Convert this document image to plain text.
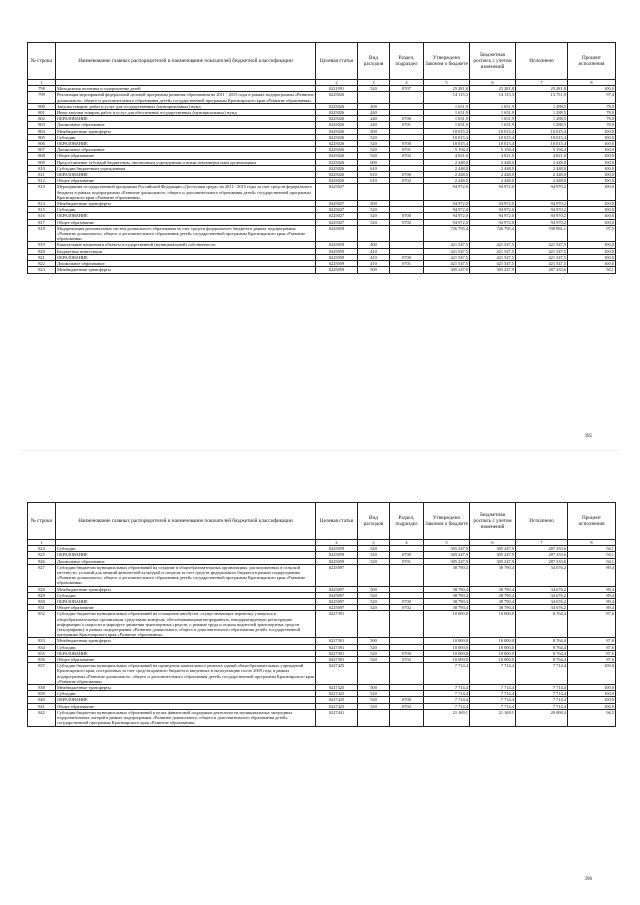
№ строки	Наименование главных распорядителей и наименование показателей бюджетной классификации	Целевая статья	Вид расходов	Раздел, подраздел	Утверждено Законом о бюджете	Бюджетная роспись с учетом изменений	Исполнено	Процент исполнения
1		2	3	4	5	6	7	8
798	Молодежная политика и оздоровление детей	0221991	520	0707	25 281,8	25 281,8	25 281,8	100,0
799	Реализация мероприятий федеральной целевой программы развития образования на 2011 - 2015 годы в рамках подпрограммы «Развитие дошкольного, общего и дополнительного образования детей» государственной программы Красноярского края «Развитие образования»	0225026			14 115,3	14 115,3	13 751,9	97,4
800	Закупка товаров, работ и услуг для государственных (муниципальных) нужд	0225026	200		1 651,9	1 651,9	1 288,5	78,0
801	Иные закупки товаров, работ и услуг для обеспечения государственных (муниципальных) нужд	0225026	240		1 651,9	1 651,9	1 288,5	78,0
802	ОБРАЗОВАНИЕ	0225026	240	0700	1 651,9	1 651,9	1 288,5	78,0
803	Дошкольное образование	0225026	240	0701	1 651,9	1 651,9	1 288,5	78,0
804	Межбюджетные трансферты	0225026	500		10 015,4	10 015,4	10 015,4	100,0
805	Субсидии	0225026	520		10 015,4	10 015,4	10 015,4	100,0
806	ОБРАЗОВАНИЕ	0225026	520	0700	10 015,4	10 015,4	10 015,4	100,0
807	Дошкольное образование	0225026	520	0701	5 194,4	5 194,4	5 194,4	100,0
808	Общее образование	0225026	520	0702	4 821,0	4 821,0	4 821,0	100,0
809	Предоставление субсидий бюджетным, автономным учреждениям и иным некоммерческим организациям	0225026	600		2 448,0	2 448,0	2 448,0	100,0
810	Субсидии бюджетным учреждениям	0225026	610		2 448,0	2 448,0	2 448,0	100,0
811	ОБРАЗОВАНИЕ	0225026	610	0700	2 448,0	2 448,0	2 448,0	100,0
812	Общее образование	0225026	610	0702	2 448,0	2 448,0	2 448,0	100,0
813	Мероприятия государственной программы Российской Федерации «Доступная среда» на 2011 - 2015 годы за счет средств федерального бюджета в рамках подпрограммы «Развитие дошкольного, общего и дополнительного образования детей» государственной программы Красноярского края «Развитие образования»	0225027			94 972,0	94 972,0	94 970,2	100,0
814	Межбюджетные трансферты	0225027	500		94 972,0	94 972,0	94 970,2	100,0
815	Субсидии	0225027	520		94 972,0	94 972,0	94 970,2	100,0
816	ОБРАЗОВАНИЕ	0225027	520	0700	94 972,0	94 972,0	94 970,2	100,0
817	Общее образование	0225027	520	0702	94 972,0	94 972,0	94 970,2	100,0
818	Модернизация региональных систем дошкольного образования за счет средств федерального бюджета в рамках подпрограммы «Развитие дошкольного, общего и дополнительного образования детей» государственной программы Красноярского края «Развитие образования»	0225059			726 795,4	726 795,4	708 881,1	97,5
819	Капитальные вложения в объекты государственной (муниципальной) собственности	0225059	400		421 547,5	421 547,5	421 547,5	100,0
820	Бюджетные инвестиции	0225059	410		421 547,5	421 547,5	421 547,5	100,0
821	ОБРАЗОВАНИЕ	0225059	410	0700	421 547,5	421 547,5	421 547,5	100,0
822	Дошкольное образование	0225059	410	0701	421 547,5	421 547,5	421 547,5	100,0
823	Межбюджетные трансферты	0225059	500		305 247,9	305 247,9	287 333,6	94,1
395
№ строки	Наименование главных распорядителей и наименование показателей бюджетной классификации	Целевая статья	Вид расходов	Раздел, подраздел	Утверждено Законом о бюджете	Бюджетная роспись с учетом изменений	Исполнено	Процент исполнения
1		2	3	4	5	6	7	8
824	Субсидии	0225059	520		305 247,9	305 247,9	287 333,6	94,1
825	ОБРАЗОВАНИЕ	0225059	520	0700	305 247,9	305 247,9	287 333,6	94,1
826	Дошкольное образование	0225059	520	0701	305 247,9	305 247,9	287 333,6	94,1
827	Субсидии бюджетам муниципальных образований на создание в общеобразовательных организациях, расположенных в сельской местности, условий для занятий физической культурой и спортом за счет средств федерального бюджета в рамках подпрограммы «Развитие дошкольного, общего и дополнительного образования детей» государственной программы Красноярского края «Развитие образования»	0225097			38 790,4	38 790,4	34 676,2	89,4
828	Межбюджетные трансферты	0225097	500		38 790,4	38 790,4	34 676,2	89,4
829	Субсидии	0225097	520		38 790,4	38 790,4	34 676,2	89,4
830	ОБРАЗОВАНИЕ	0225097	520	0700	38 790,4	38 790,4	34 676,2	89,4
831	Общее образование	0225097	520	0702	38 790,4	38 790,4	34 676,2	89,4
832	Субсидии бюджетам муниципальных образований на оснащение автобусов, осуществляющих перевозку учащихся в общеобразовательные организации, средствами контроля, обеспечивающими непрерывную, некорректируемую регистрацию информации о скорости и маршруте движения транспортных средств, о режиме труда и отдыха водителей транспортных средств (тахографами), в рамках подпрограммы «Развитие дошкольного, общего и дополнительного образования детей» государственной программы Красноярского края «Развитие образования»	0227391			10 000,0	10 000,0	8 764,4	87,6
833	Межбюджетные трансферты	0227391	500		10 000,0	10 000,0	8 764,4	87,6
834	Субсидии	0227391	520		10 000,0	10 000,0	8 764,4	87,6
835	ОБРАЗОВАНИЕ	0227391	520	0700	10 000,0	10 000,0	8 764,4	87,6
836	Общее образование	0227391	520	0702	10 000,0	10 000,0	8 764,4	87,6
837	Субсидии бюджетам муниципальных образований на проведение капитального ремонта зданий общеобразовательных учреждений Красноярского края, построенных за счет средств краевого бюджета и введенных в эксплуатацию после 2009 года, в рамках подпрограммы «Развитие дошкольного, общего и дополнительного образования детей» государственной программы Красноярского края «Развитие образования»	0227425			7 714,4	7 714,4	7 714,4	100,0
838	Межбюджетные трансферты	0227425	500		7 714,4	7 714,4	7 714,4	100,0
839	Субсидии	0227425	520		7 714,4	7 714,4	7 714,4	100,0
840	ОБРАЗОВАНИЕ	0227425	520	0700	7 714,4	7 714,4	7 714,4	100,0
841	Общее образование	0227425	520	0702	7 714,4	7 714,4	7 714,4	100,0
842	Субсидии бюджетам муниципальных образований в целях финансовой поддержки деятельности муниципальных загородных оздоровительных лагерей в рамках подпрограммы «Развитие дошкольного, общего и дополнительного образования детей» государственной программы Красноярского края «Развитие образования»	0227441			21 169,1	21 169,1	20 008,4	94,5
396
